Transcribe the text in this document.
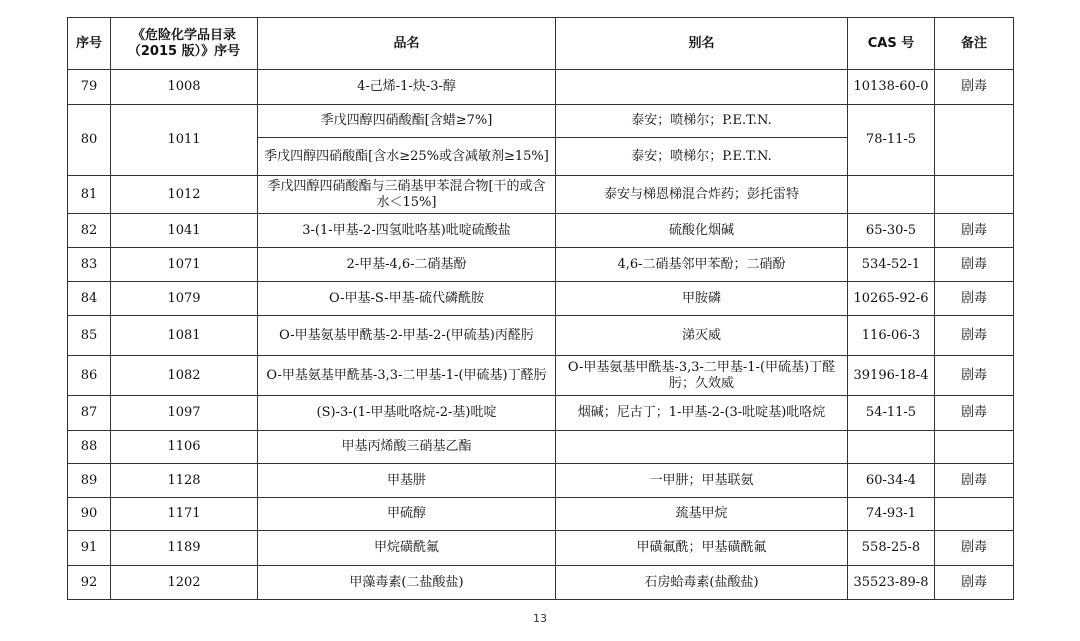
序号	《危险化学品目录
（2015 版）》序号	品名	别名	CAS 号	备注
79	1008	4-己烯-1-炔-3-醇		10138-60-0	剧毒
80	1011	季戊四醇四硝酸酯[含蜡≥7%]	泰安；喷梯尔；P.E.T.N.	78-11-5	
		季戊四醇四硝酸酯[含水≥25%或含减敏剂≥15%]	泰安；喷梯尔；P.E.T.N.		
81	1012	季戊四醇四硝酸酯与三硝基甲苯混合物[干的或含水＜15%]	泰安与梯恩梯混合炸药；彭托雷特		
82	1041	3-(1-甲基-2-四氢吡咯基)吡啶硫酸盐	硫酸化烟碱	65-30-5	剧毒
83	1071	2-甲基-4,6-二硝基酚	4,6-二硝基邻甲苯酚；二硝酚	534-52-1	剧毒
84	1079	O-甲基-S-甲基-硫代磷酰胺	甲胺磷	10265-92-6	剧毒
85	1081	O-甲基氨基甲酰基-2-甲基-2-(甲硫基)丙醛肟	涕灭威	116-06-3	剧毒
86	1082	O-甲基氨基甲酰基-3,3-二甲基-1-(甲硫基)丁醛肟	O-甲基氨基甲酰基-3,3-二甲基-1-(甲硫基)丁醛肟；久效威	39196-18-4	剧毒
87	1097	(S)-3-(1-甲基吡咯烷-2-基)吡啶	烟碱；尼古丁；1-甲基-2-(3-吡啶基)吡咯烷	54-11-5	剧毒
88	1106	甲基丙烯酸三硝基乙酯			
89	1128	甲基肼	一甲肼；甲基联氨	60-34-4	剧毒
90	1171	甲硫醇	巯基甲烷	74-93-1	
91	1189	甲烷磺酰氟	甲磺氟酰；甲基磺酰氟	558-25-8	剧毒
92	1202	甲藻毒素(二盐酸盐)	石房蛤毒素(盐酸盐)	35523-89-8	剧毒
13
